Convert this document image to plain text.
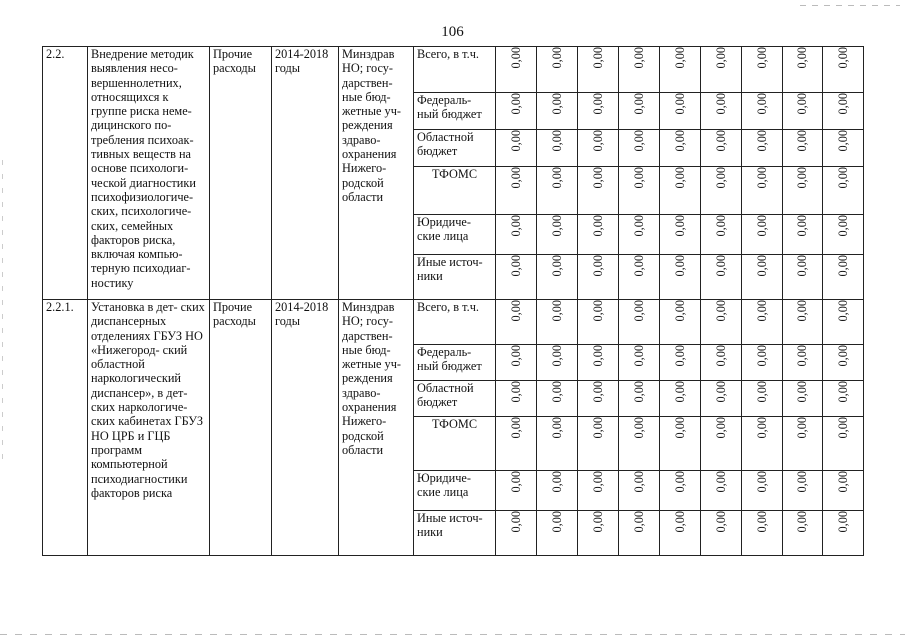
106
2.2.	Внедрение методик выявления несо- вершеннолетних, относящихся к группе риска немe- дицинского по- требления психоак- тивных веществ на основе психологи- ческой диагностики психофизиологиче- ских, психологиче- ских, семейных факторов риска, включая компью- терную психодиаг- ностику	Прочие расходы	2014-2018 годы	Минздрав НО; госу- дарствен- ные бюд- жетные уч- реждения здраво- охранения Нижего- родской области	Всего, в т.ч.	0,00	0,00	0,00	0,00	0,00	0,00	0,00	0,00	0,00
					Федераль- ный бюджет	0,00	0,00	0,00	0,00	0,00	0,00	0,00	0,00	0,00
					Областной бюджет	0,00	0,00	0,00	0,00	0,00	0,00	0,00	0,00	0,00
					ТФОМС	0,00	0,00	0,00	0,00	0,00	0,00	0,00	0,00	0,00
					Юридиче- ские лица	0,00	0,00	0,00	0,00	0,00	0,00	0,00	0,00	0,00
					Иные источ- ники	0,00	0,00	0,00	0,00	0,00	0,00	0,00	0,00	0,00
2.2.1.	Установка в дет- ских диспансерных отделениях ГБУЗ НО «Нижегород- ский областной наркологический диспансер», в дет- ских наркологиче- ских кабинетах ГБУЗ НО ЦРБ и ГЦБ программ компьютерной психодиагностики факторов риска	Прочие расходы	2014-2018 годы	Минздрав НО; госу- дарствен- ные бюд- жетные уч- реждения здраво- охранения Нижего- родской области	Всего, в т.ч.	0,00	0,00	0,00	0,00	0,00	0,00	0,00	0,00	0,00
					Федераль- ный бюджет	0,00	0,00	0,00	0,00	0,00	0,00	0,00	0,00	0,00
					Областной бюджет	0,00	0,00	0,00	0,00	0,00	0,00	0,00	0,00	0,00
					ТФОМС	0,00	0,00	0,00	0,00	0,00	0,00	0,00	0,00	0,00
					Юридиче- ские лица	0,00	0,00	0,00	0,00	0,00	0,00	0,00	0,00	0,00
					Иные источ- ники	0,00	0,00	0,00	0,00	0,00	0,00	0,00	0,00	0,00
